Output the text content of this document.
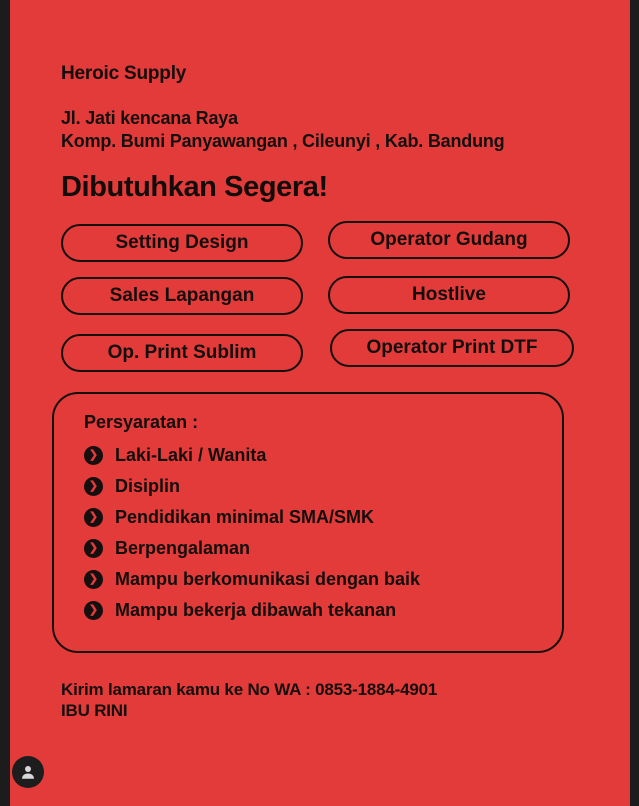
Heroic Supply
Jl. Jati kencana Raya
Komp. Bumi Panyawangan , Cileunyi , Kab. Bandung
Dibutuhkan Segera!
Setting Design	Operator Gudang
Sales Lapangan	Hostlive
Op. Print Sublim	Operator Print DTF
Persyaratan :
❯ Laki-Laki / Wanita
❯ Disiplin
❯ Pendidikan minimal SMA/SMK
❯ Berpengalaman
❯ Mampu berkomunikasi dengan baik
❯ Mampu bekerja dibawah tekanan
Kirim lamaran kamu ke No WA : 0853-1884-4901
IBU RINI
